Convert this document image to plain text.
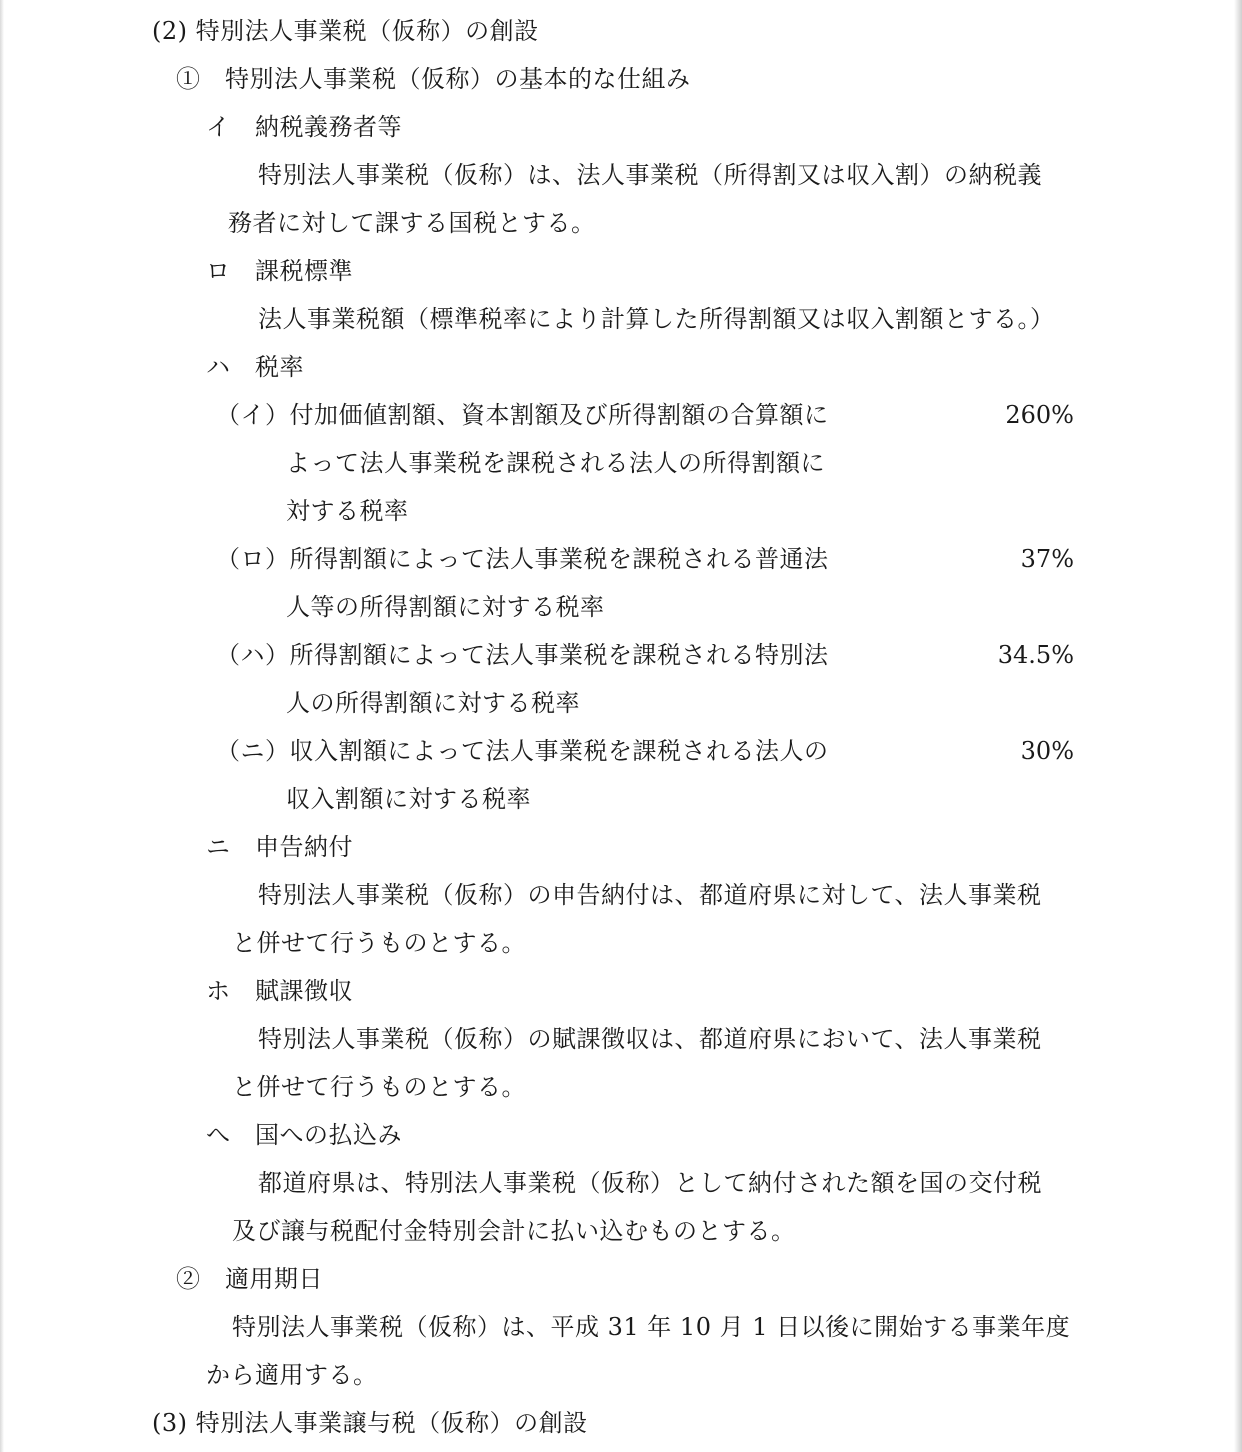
(2) 特別法人事業税（仮称）の創設
①　特別法人事業税（仮称）の基本的な仕組み
イ　納税義務者等
特別法人事業税（仮称）は、法人事業税（所得割又は収入割）の納税義
務者に対して課する国税とする。
ロ　課税標準
法人事業税額（標準税率により計算した所得割額又は収入割額とする。）
ハ　税率
（イ）付加価値割額、資本割額及び所得割額の合算額に	260%
よって法人事業税を課税される法人の所得割額に
対する税率
（ロ）所得割額によって法人事業税を課税される普通法	37%
人等の所得割額に対する税率
（ハ）所得割額によって法人事業税を課税される特別法	34.5%
人の所得割額に対する税率
（ニ）収入割額によって法人事業税を課税される法人の	30%
収入割額に対する税率
ニ　申告納付
特別法人事業税（仮称）の申告納付は、都道府県に対して、法人事業税
と併せて行うものとする。
ホ　賦課徴収
特別法人事業税（仮称）の賦課徴収は、都道府県において、法人事業税
と併せて行うものとする。
へ　国への払込み
都道府県は、特別法人事業税（仮称）として納付された額を国の交付税
及び譲与税配付金特別会計に払い込むものとする。
②　適用期日
特別法人事業税（仮称）は、平成 31 年 10 月 1 日以後に開始する事業年度
から適用する。
(3) 特別法人事業譲与税（仮称）の創設
